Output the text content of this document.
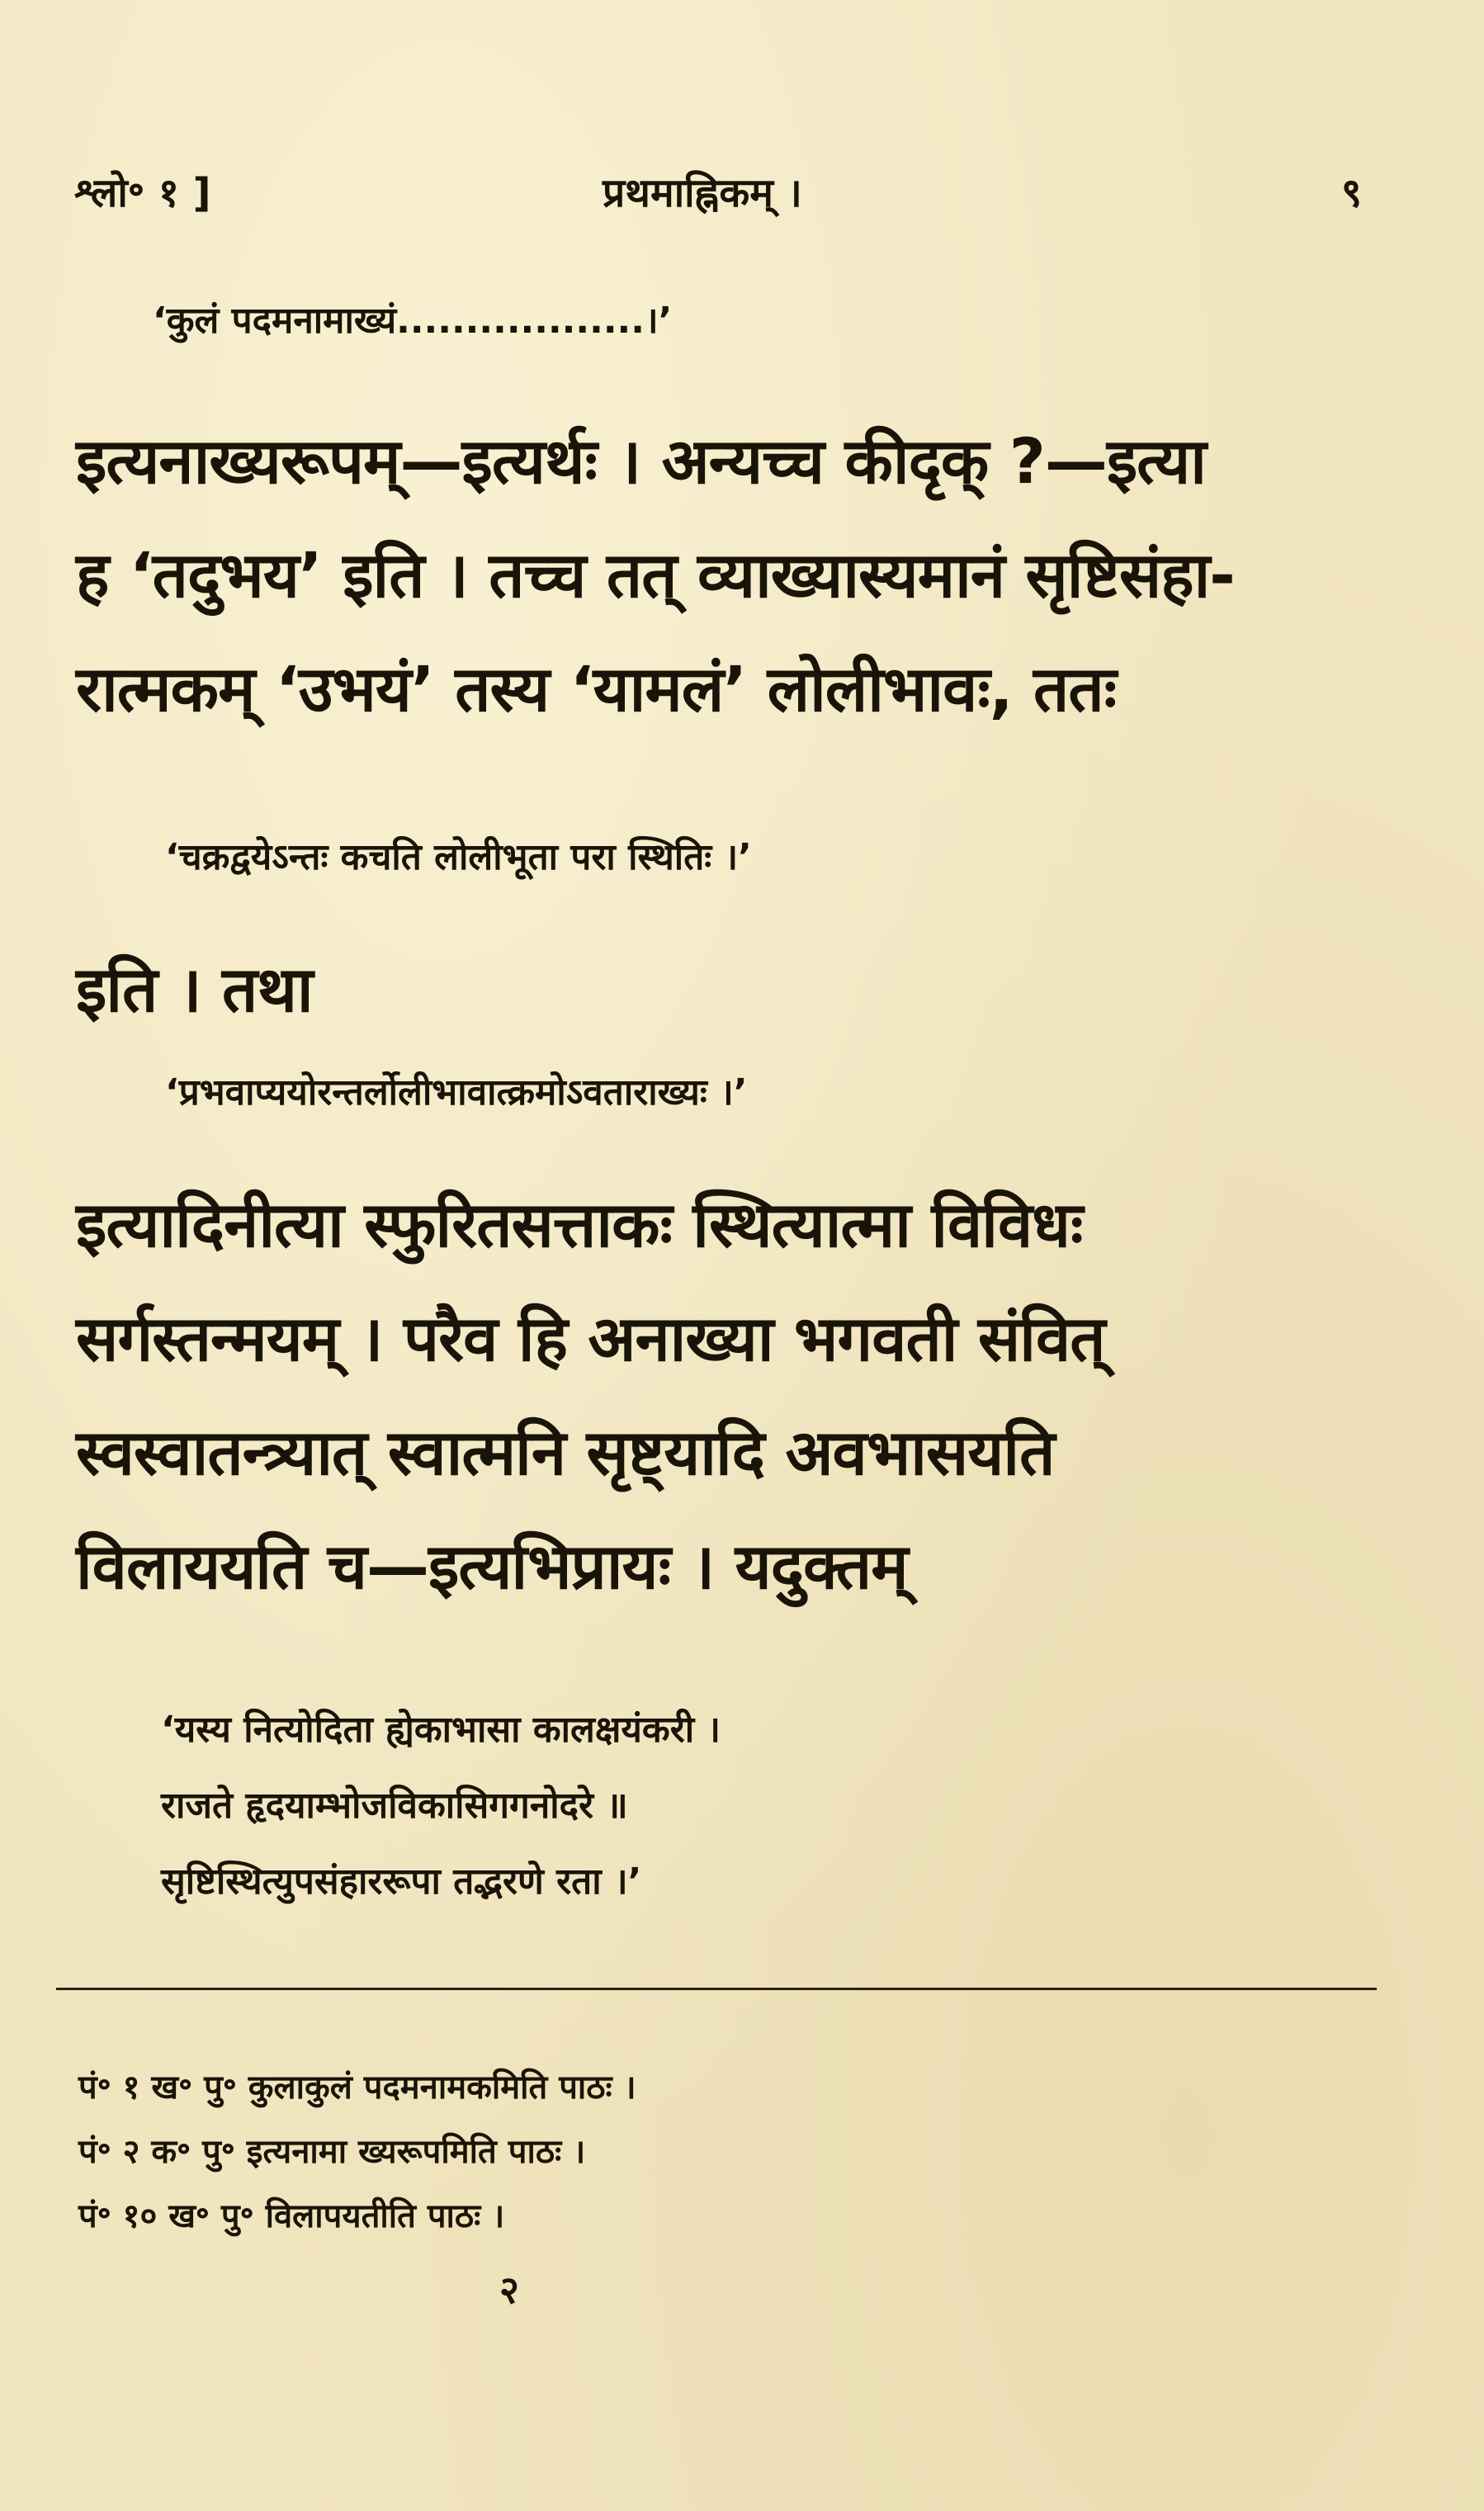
श्लो॰ १ ]	प्रथमाह्निकम् ।	९
‘कुलं पदमनामाख्यं..................।’
इत्यनाख्यरूपम्—इत्यर्थः । अन्यच्च कीदृक् ?—इत्या
ह ‘तदुभय’ इति । तच्च तत् व्याख्यास्यमानं सृष्टिसंहा-
रात्मकम् ‘उभयं’ तस्य ‘यामलं’ लोलीभावः, ततः
‘चक्रद्वयेऽन्तः कचति लोलीभूता परा स्थितिः ।’
इति । तथा
‘प्रभवाप्ययोरन्तर्लोलीभावात्क्रमोऽवताराख्यः ।’
इत्यादिनीत्या स्फुरितसत्ताकः स्थित्यात्मा विविधः
सर्गस्तन्मयम् । परैव हि अनाख्या भगवती संवित्
स्वस्वातन्त्र्यात् स्वात्मनि सृष्ट्यादि अवभासयति
विलाययति च—इत्यभिप्रायः । यदुक्तम्
‘यस्य नित्योदिता ह्येकाभासा कालक्षयंकरी ।
राजते हृदयाम्भोजविकासिगगनोदरे ॥
सृष्टिस्थित्युपसंहाररूपा तद्भरणे रता ।’
पं॰ १ ख॰ पु॰ कुलाकुलं पदमनामकमिति पाठः ।
पं॰ २ क॰ पु॰ इत्यनामा ख्यरूपमिति पाठः ।
पं॰ १० ख॰ पु॰ विलापयतीति पाठः ।
२
